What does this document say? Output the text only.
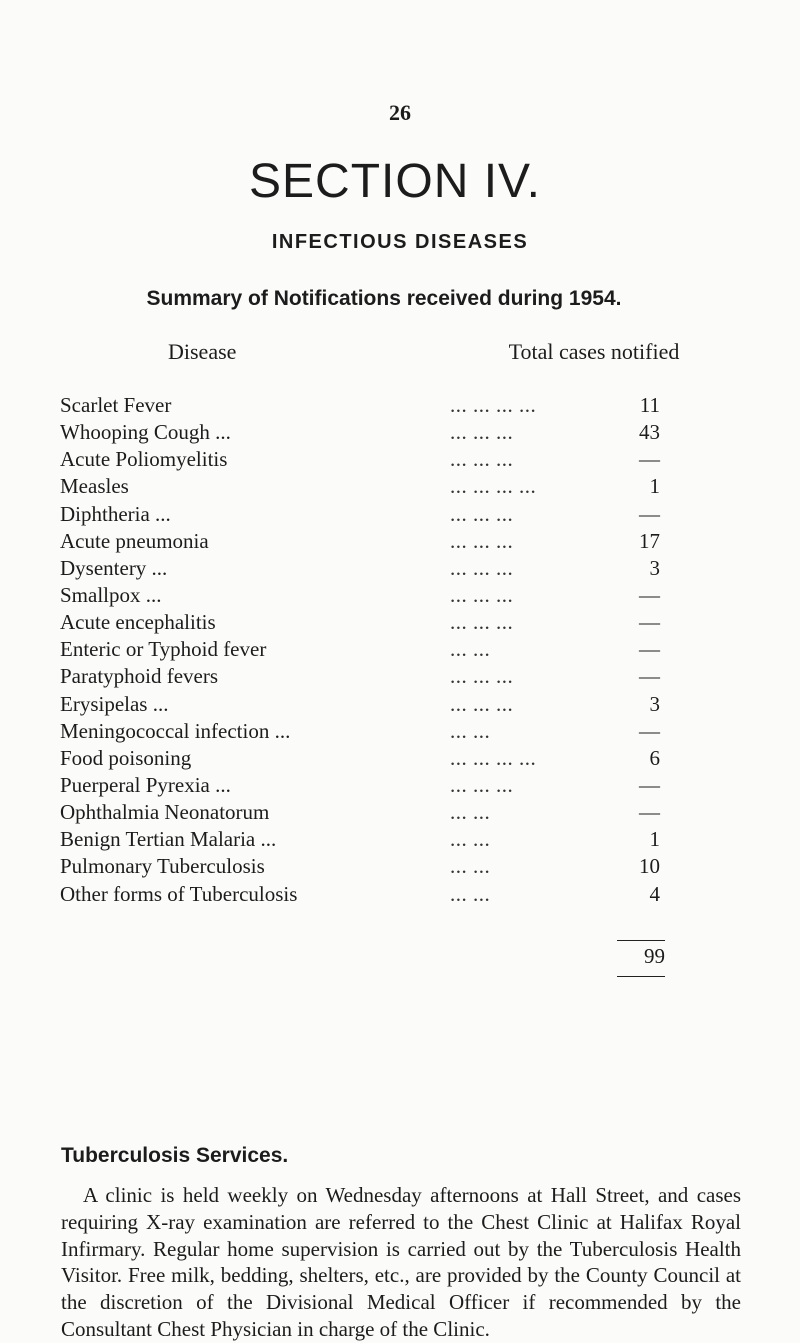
26
SECTION IV.
INFECTIOUS DISEASES
Summary of Notifications received during 1954.
Disease	Total cases notified
Scarlet Fever	... ... ... ...	11
Whooping Cough ...	... ... ...	43
Acute Poliomyelitis	... ... ...	—
Measles	... ... ... ...	1
Diphtheria ...	... ... ...	—
Acute pneumonia	... ... ...	17
Dysentery ...	... ... ...	3
Smallpox ...	... ... ...	—
Acute encephalitis	... ... ...	—
Enteric or Typhoid fever	... ...	—
Paratyphoid fevers	... ... ...	—
Erysipelas ...	... ... ...	3
Meningococcal infection ...	... ...	—
Food poisoning	... ... ... ...	6
Puerperal Pyrexia ...	... ... ...	—
Ophthalmia Neonatorum	... ...	—
Benign Tertian Malaria ...	... ...	1
Pulmonary Tuberculosis	... ...	10
Other forms of Tuberculosis	... ...	4
99
Tuberculosis Services.
A clinic is held weekly on Wednesday afternoons at Hall Street, and cases requiring X-ray examination are referred to the Chest Clinic at Halifax Royal Infirmary. Regular home supervision is carried out by the Tuberculosis Health Visitor. Free milk, bedding, shelters, etc., are provided by the County Council at the discretion of the Divisional Medical Officer if recommended by the Consultant Chest Physician in charge of the Clinic.
